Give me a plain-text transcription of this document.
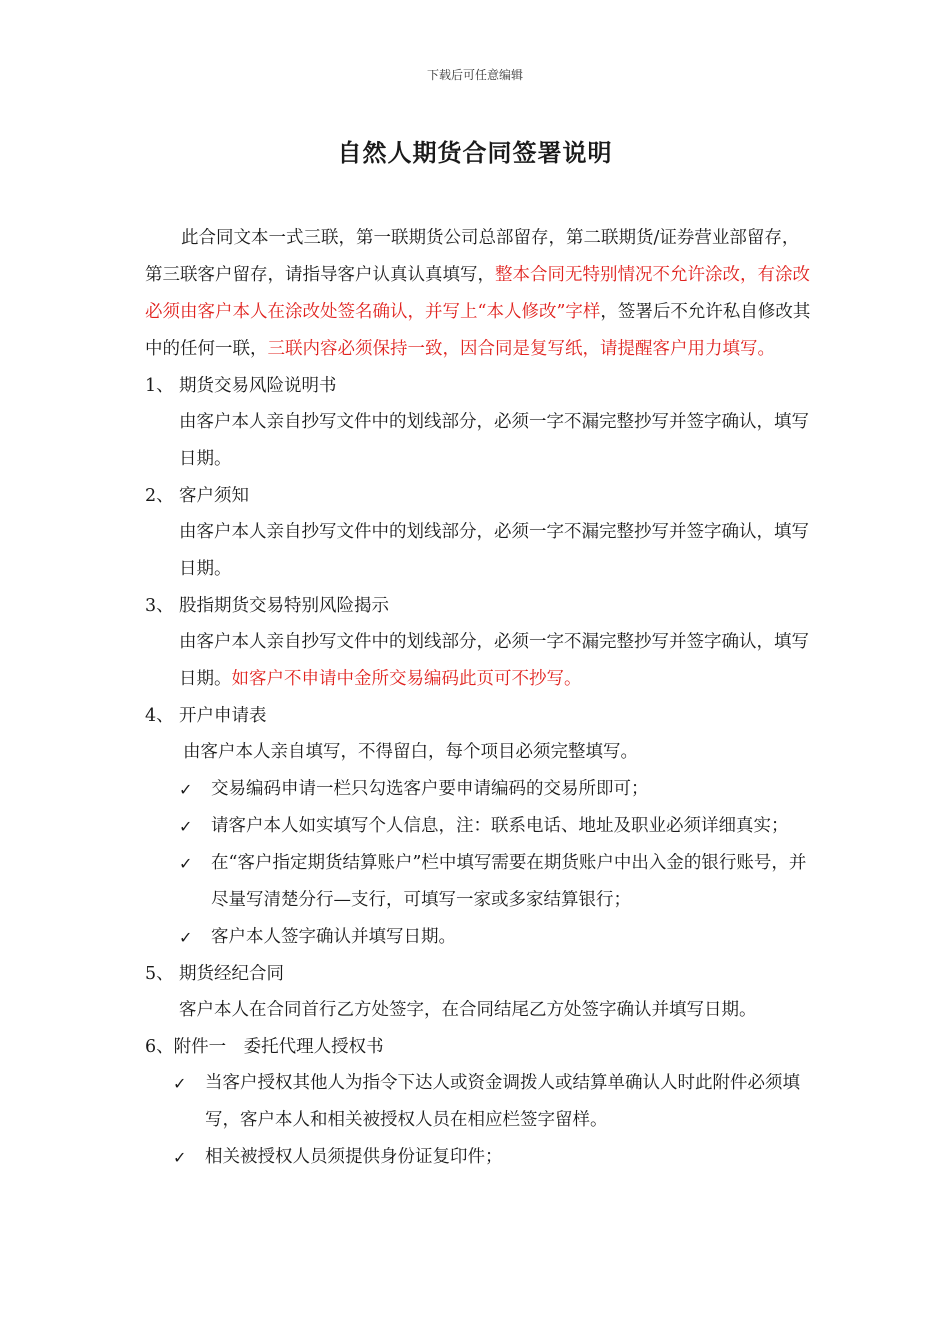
下载后可任意编辑
自然人期货合同签署说明

此合同文本一式三联，第一联期货公司总部留存，第二联期货/证券营业部留存，第三联客户留存，请指导客户认真认真填写，整本合同无特别情况不允许涂改，有涂改必须由客户本人在涂改处签名确认，并写上“本人修改”字样，签署后不允许私自修改其中的任何一联，三联内容必须保持一致，因合同是复写纸，请提醒客户用力填写。

1、 期货交易风险说明书

由客户本人亲自抄写文件中的划线部分，必须一字不漏完整抄写并签字确认，填写日期。

2、 客户须知

由客户本人亲自抄写文件中的划线部分，必须一字不漏完整抄写并签字确认，填写日期。

3、 股指期货交易特别风险揭示

由客户本人亲自抄写文件中的划线部分，必须一字不漏完整抄写并签字确认，填写日期。如客户不申请中金所交易编码此页可不抄写。

4、 开户申请表

由客户本人亲自填写，不得留白，每个项目必须完整填写。

✓	交易编码申请一栏只勾选客户要申请编码的交易所即可；
✓	请客户本人如实填写个人信息，注：联系电话、地址及职业必须详细真实；
✓	在“客户指定期货结算账户”栏中填写需要在期货账户中出入金的银行账号，并尽量写清楚分行—支行，可填写一家或多家结算银行；
✓	客户本人签字确认并填写日期。

5、 期货经纪合同

客户本人在合同首行乙方处签字，在合同结尾乙方处签字确认并填写日期。

6、附件一　委托代理人授权书

✓	当客户授权其他人为指令下达人或资金调拨人或结算单确认人时此附件必须填写，客户本人和相关被授权人员在相应栏签字留样。
✓	相关被授权人员须提供身份证复印件；
